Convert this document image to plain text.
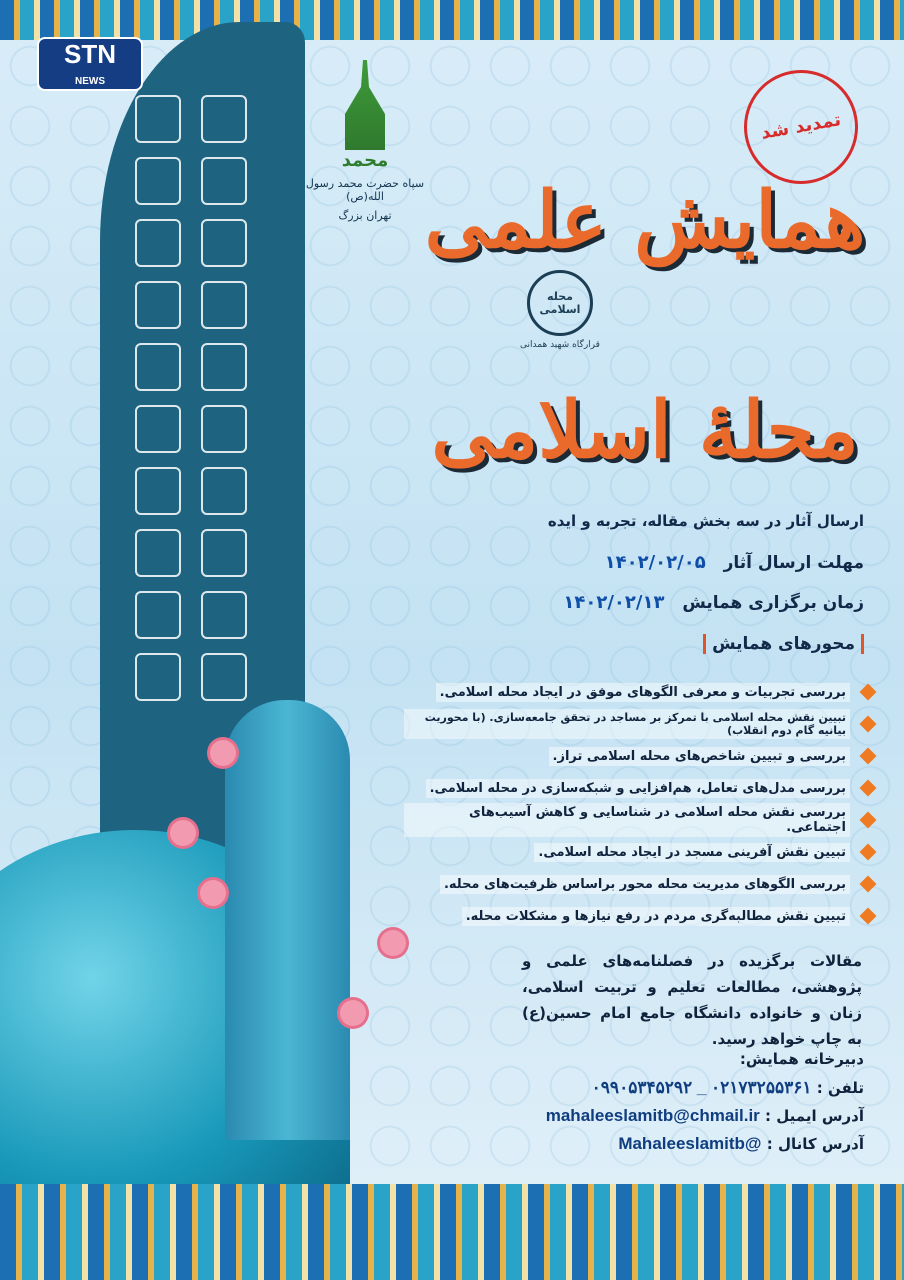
STN
NEWS
محمد
سپاه حضرت محمد رسول الله(ص)
تهران بزرگ
تمدید شد
همایش علمی
محله اسلامی
قرارگاه شهید همدانی
محلهٔ اسلامی
ارسال آثار در سه بخش مقاله، تجربه و ایده
مهلت ارسال آثار ۱۴۰۲/۰۲/۰۵
زمان برگزاری همایش ۱۴۰۲/۰۲/۱۳
محورهای همایش
بررسی تجربیات و معرفی الگوهای موفق در ایجاد محله اسلامی.
تبیین نقش محله اسلامی با تمرکز بر مساجد در تحقق جامعه‌سازی. (با محوریت بیانیه گام دوم انقلاب)
بررسی و تبیین شاخص‌های محله اسلامی تراز.
بررسی مدل‌های تعامل، هم‌افزایی و شبکه‌سازی در محله اسلامی.
بررسی نقش محله اسلامی در شناسایی و کاهش آسیب‌های اجتماعی.
تبیین نقش آفرینی مسجد در ایجاد محله اسلامی.
بررسی الگوهای مدیریت محله محور براساس ظرفیت‌های محله.
تبیین نقش مطالبه‌گری مردم در رفع نیازها و مشکلات محله.
مقالات برگزیده در فصلنامه‌های علمی و پژوهشی، مطالعات تعلیم و تربیت اسلامی، زنان و خانواده دانشگاه جامع امام حسین(ع) به چاپ خواهد رسید.
دبیرخانه همایش:
تلفن : ۰۲۱۷۳۲۵۵۳۶۱ _ ۰۹۹۰۵۳۴۵۲۹۲
آدرس ایمیل : mahaleeslamitb@chmail.ir
آدرس کانال : @Mahaleeslamitb
